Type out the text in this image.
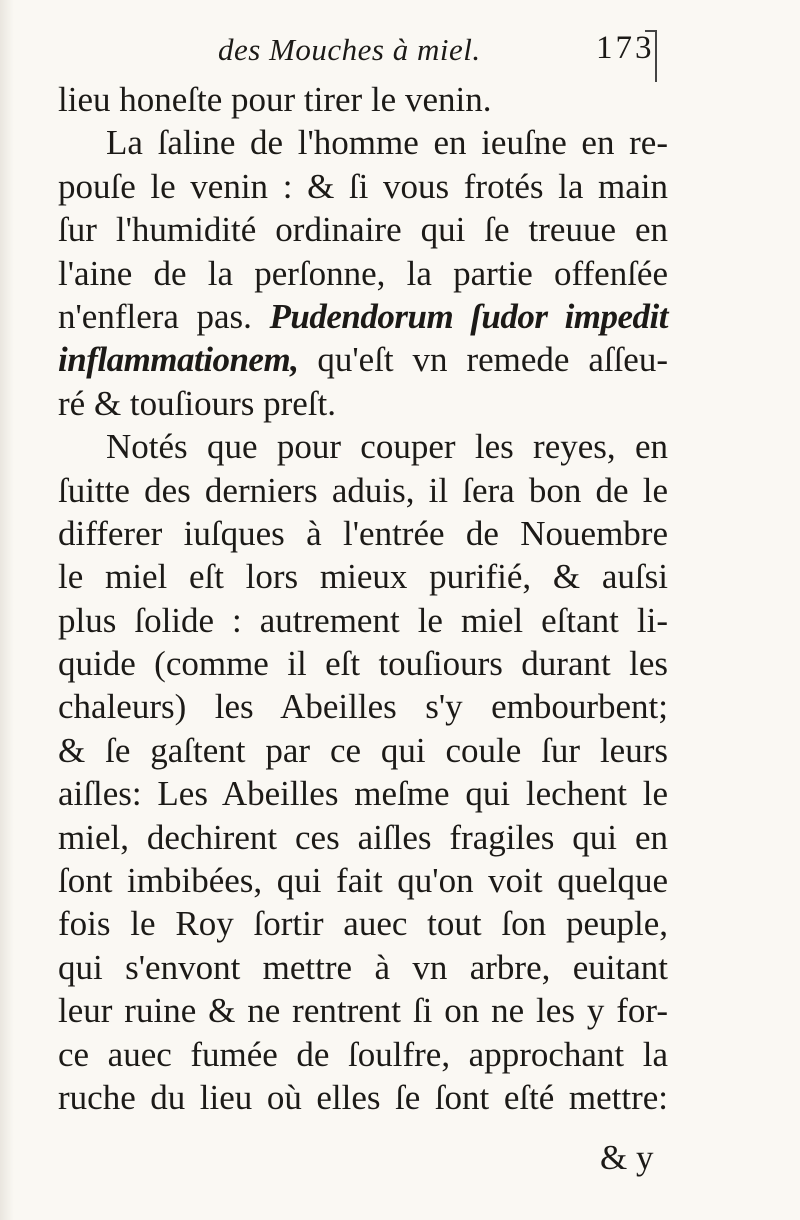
des Mouches à miel.	173
lieu honeſte pour tirer le venin.
La ſaline de l'homme en ieuſne en re-
pouſe le venin : & ſi vous frotés la main
ſur l'humidité ordinaire qui ſe treuue en
l'aine de la perſonne, la partie offenſée
n'enflera pas. Pudendorum ſudor impedit
inflammationem, qu'eſt vn remede aſſeu-
ré & touſiours preſt.
Notés que pour couper les reyes, en
ſuitte des derniers aduis, il ſera bon de le
differer iuſques à l'entrée de Nouembre
le miel eſt lors mieux purifié, & auſsi
plus ſolide : autrement le miel eſtant li-
quide (comme il eſt touſiours durant les
chaleurs) les Abeilles s'y embourbent;
& ſe gaſtent par ce qui coule ſur leurs
aiſles: Les Abeilles meſme qui lechent le
miel, dechirent ces aiſles fragiles qui en
ſont imbibées, qui fait qu'on voit quelque
fois le Roy ſortir auec tout ſon peuple,
qui s'envont mettre à vn arbre, euitant
leur ruine & ne rentrent ſi on ne les y for-
ce auec fumée de ſoulfre, approchant la
ruche du lieu où elles ſe ſont eſté mettre:
& y
